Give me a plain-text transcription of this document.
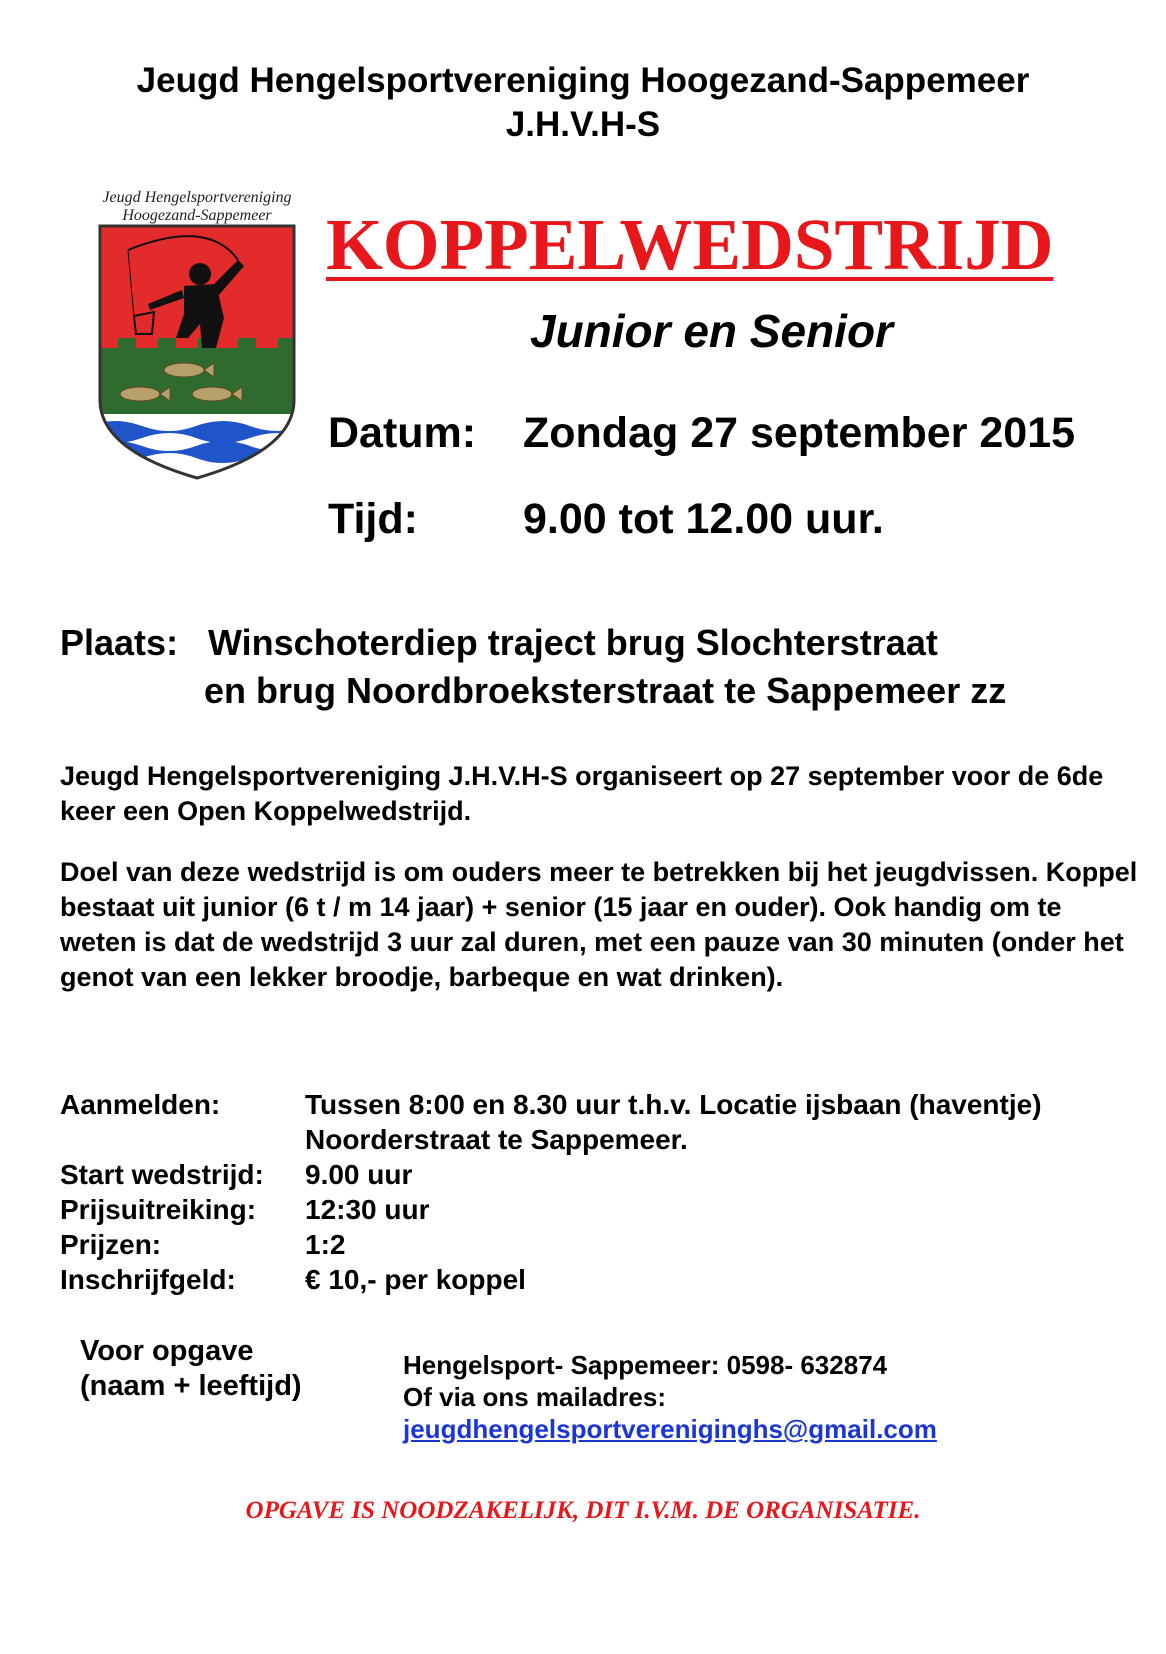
Jeugd Hengelsportvereniging Hoogezand-Sappemeer
J.H.V.H-S
Jeugd Hengelsportvereniging
Hoogezand-Sappemeer KOPPELWEDSTRIJD
Junior en Senior
Datum: Zondag 27 september 2015
Tijd: 9.00 tot 12.00 uur.
Plaats: Winschoterdiep traject brug Slochterstraat
en brug Noordbroeksterstraat te Sappemeer zz
Jeugd Hengelsportvereniging J.H.V.H-S organiseert op 27 september voor de 6de keer een Open Koppelwedstrijd.
Doel van deze wedstrijd is om ouders meer te betrekken bij het jeugdvissen. Koppel bestaat uit junior (6 t / m 14 jaar) + senior (15 jaar en ouder). Ook handig om te weten is dat de wedstrijd 3 uur zal duren, met een pauze van 30 minuten (onder het genot van een lekker broodje, barbeque en wat drinken).
Aanmelden:	Tussen 8:00 en 8.30 uur t.h.v. Locatie ijsbaan (haventje) Noorderstraat te Sappemeer.
Start wedstrijd:	9.00 uur
Prijsuitreiking:	12:30 uur
Prijzen:	1:2
Inschrijfgeld:	€ 10,- per koppel
Voor opgave
(naam + leeftijd)
Hengelsport- Sappemeer: 0598- 632874
Of via ons mailadres:
jeugdhengelsportvereniginghs@gmail.com
OPGAVE IS NOODZAKELIJK, DIT I.V.M. DE ORGANISATIE.
